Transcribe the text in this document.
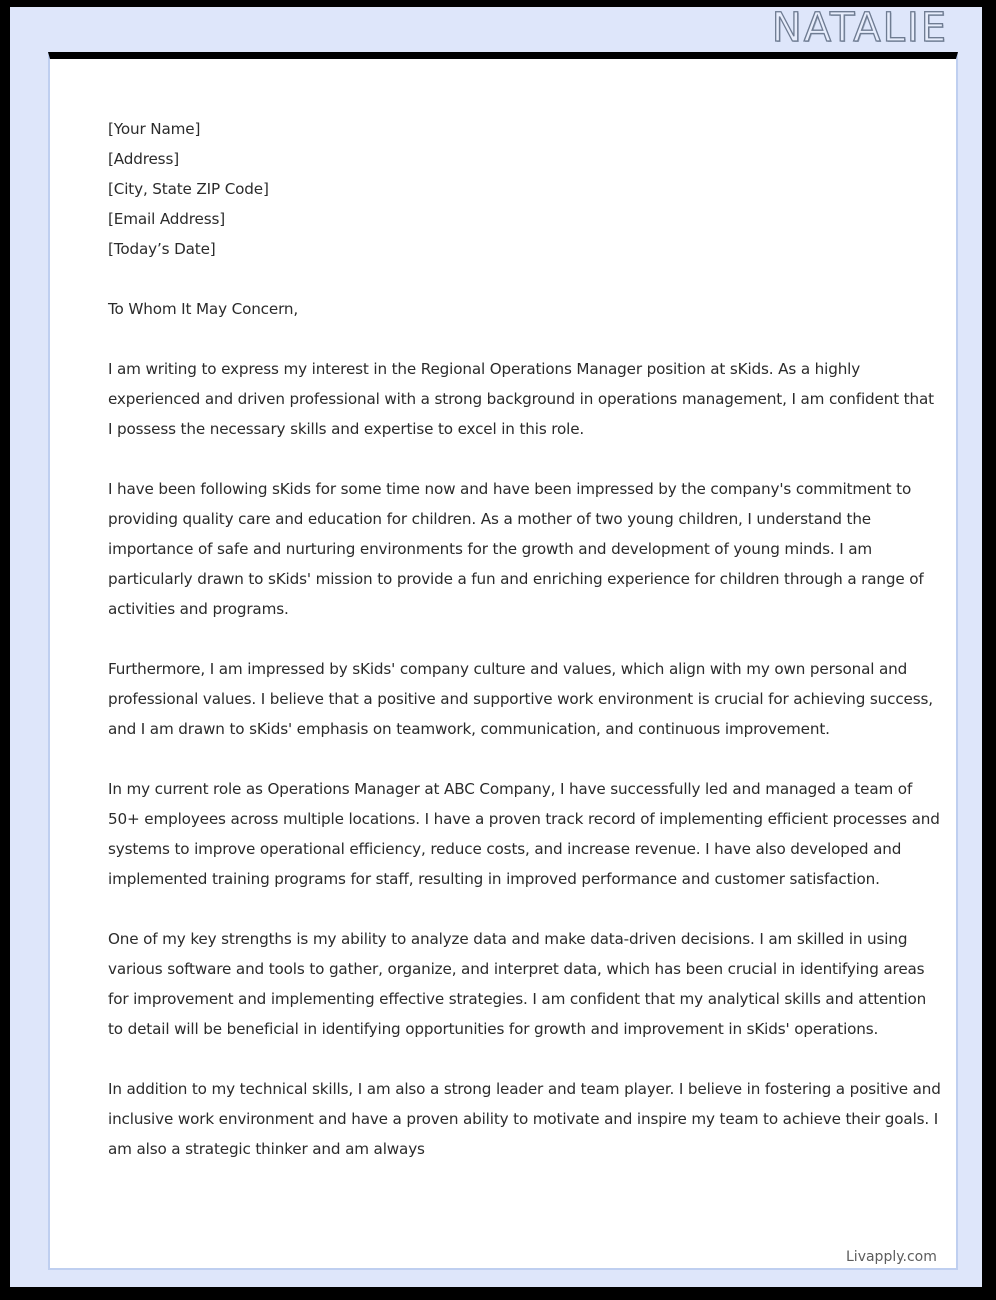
NATALIE
[Your Name]
[Address]
[City, State ZIP Code]
[Email Address]
[Today’s Date]

To Whom It May Concern,

I am writing to express my interest in the Regional Operations Manager position at sKids. As a highly experienced and driven professional with a strong background in operations management, I am confident that I possess the necessary skills and expertise to excel in this role.

I have been following sKids for some time now and have been impressed by the company's commitment to providing quality care and education for children. As a mother of two young children, I understand the importance of safe and nurturing environments for the growth and development of young minds. I am particularly drawn to sKids' mission to provide a fun and enriching experience for children through a range of activities and programs.

Furthermore, I am impressed by sKids' company culture and values, which align with my own personal and professional values. I believe that a positive and supportive work environment is crucial for achieving success, and I am drawn to sKids' emphasis on teamwork, communication, and continuous improvement.

In my current role as Operations Manager at ABC Company, I have successfully led and managed a team of 50+ employees across multiple locations. I have a proven track record of implementing efficient processes and systems to improve operational efficiency, reduce costs, and increase revenue. I have also developed and implemented training programs for staff, resulting in improved performance and customer satisfaction.

One of my key strengths is my ability to analyze data and make data-driven decisions. I am skilled in using various software and tools to gather, organize, and interpret data, which has been crucial in identifying areas for improvement and implementing effective strategies. I am confident that my analytical skills and attention to detail will be beneficial in identifying opportunities for growth and improvement in sKids' operations.

In addition to my technical skills, I am also a strong leader and team player. I believe in fostering a positive and inclusive work environment and have a proven ability to motivate and inspire my team to achieve their goals. I am also a strategic thinker and am always

Livapply.com
